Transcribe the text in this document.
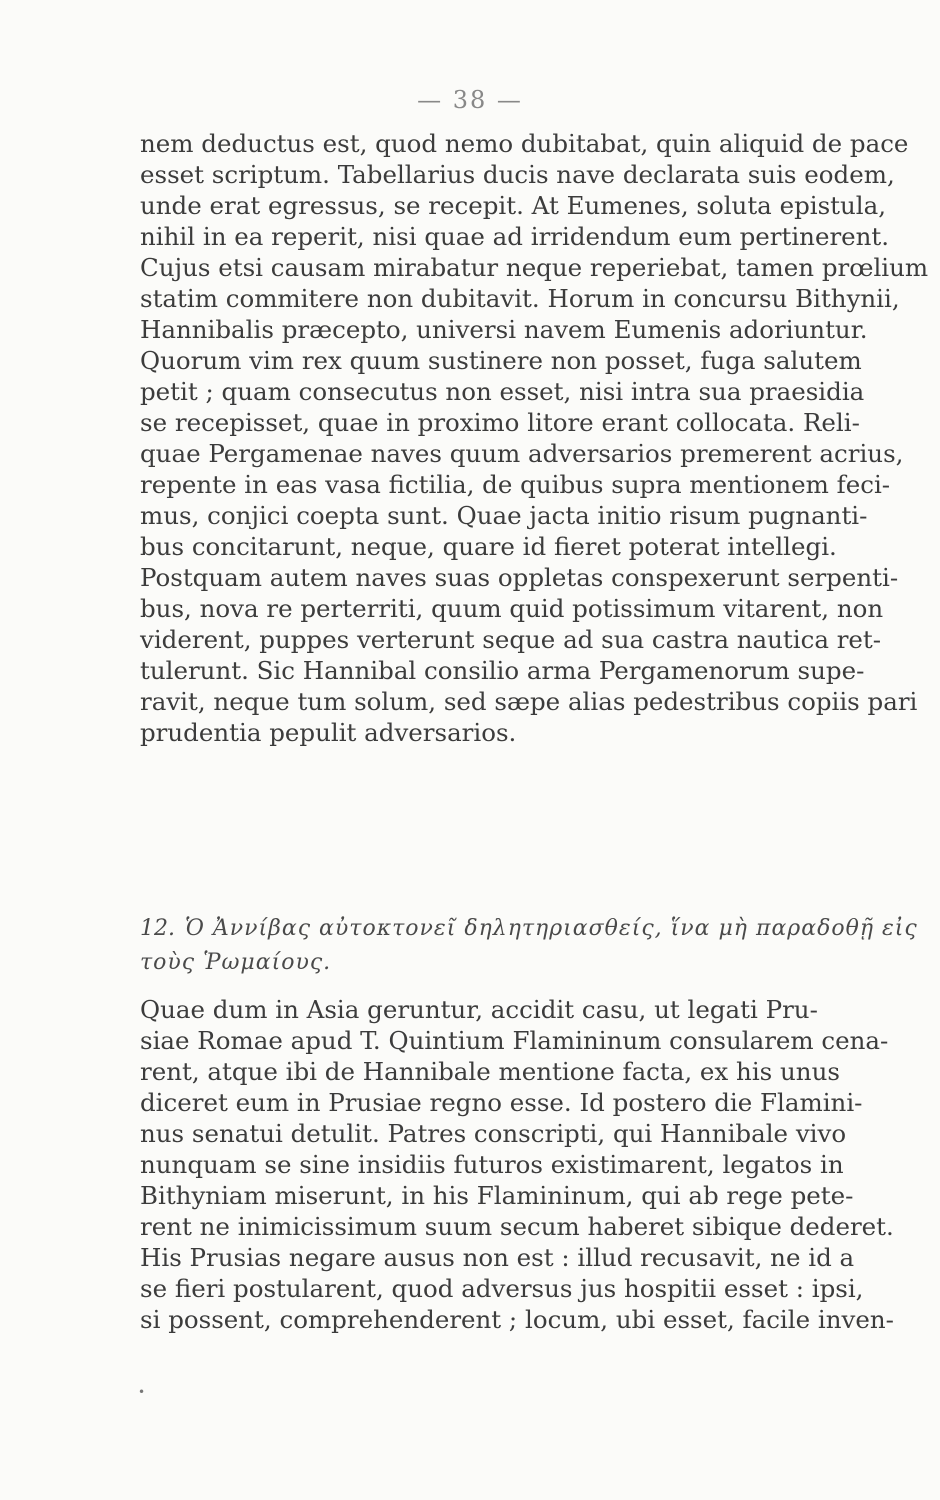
— 38 —
nem deductus est, quod nemo dubitabat, quin aliquid de pace
esset scriptum. Tabellarius ducis nave declarata suis eodem,
unde erat egressus, se recepit. At Eumenes, soluta epistula,
nihil in ea reperit, nisi quae ad irridendum eum pertinerent.
Cujus etsi causam mirabatur neque reperiebat, tamen prœlium
statim commitere non dubitavit. Horum in concursu Bithynii,
Hannibalis præcepto, universi navem Eumenis adoriuntur.
Quorum vim rex quum sustinere non posset, fuga salutem
petit ; quam consecutus non esset, nisi intra sua praesidia
se recepisset, quae in proximo litore erant collocata. Reli-
quae Pergamenae naves quum adversarios premerent acrius,
repente in eas vasa fictilia, de quibus supra mentionem feci-
mus, conjici coepta sunt. Quae jacta initio risum pugnanti-
bus concitarunt, neque, quare id fieret poterat intellegi.
Postquam autem naves suas oppletas conspexerunt serpenti-
bus, nova re perterriti, quum quid potissimum vitarent, non
viderent, puppes verterunt seque ad sua castra nautica ret-
tulerunt. Sic Hannibal consilio arma Pergamenorum supe-
ravit, neque tum solum, sed sæpe alias pedestribus copiis pari
prudentia pepulit adversarios.
12. Ὁ Ἀννίβας αὐτοκτονεῖ δηλητηριασθείς, ἵνα μὴ παραδοθῇ εἰς
τοὺς Ῥωμαίους.
Quae dum in Asia geruntur, accidit casu, ut legati Pru-
siae Romae apud T. Quintium Flamininum consularem cena-
rent, atque ibi de Hannibale mentione facta, ex his unus
diceret eum in Prusiae regno esse. Id postero die Flamini-
nus senatui detulit. Patres conscripti, qui Hannibale vivo
nunquam se sine insidiis futuros existimarent, legatos in
Bithyniam miserunt, in his Flamininum, qui ab rege pete-
rent ne inimicissimum suum secum haberet sibique dederet.
His Prusias negare ausus non est : illud recusavit, ne id a
se fieri postularent, quod adversus jus hospitii esset : ipsi,
si possent, comprehenderent ; locum, ubi esset, facile inven-
•
